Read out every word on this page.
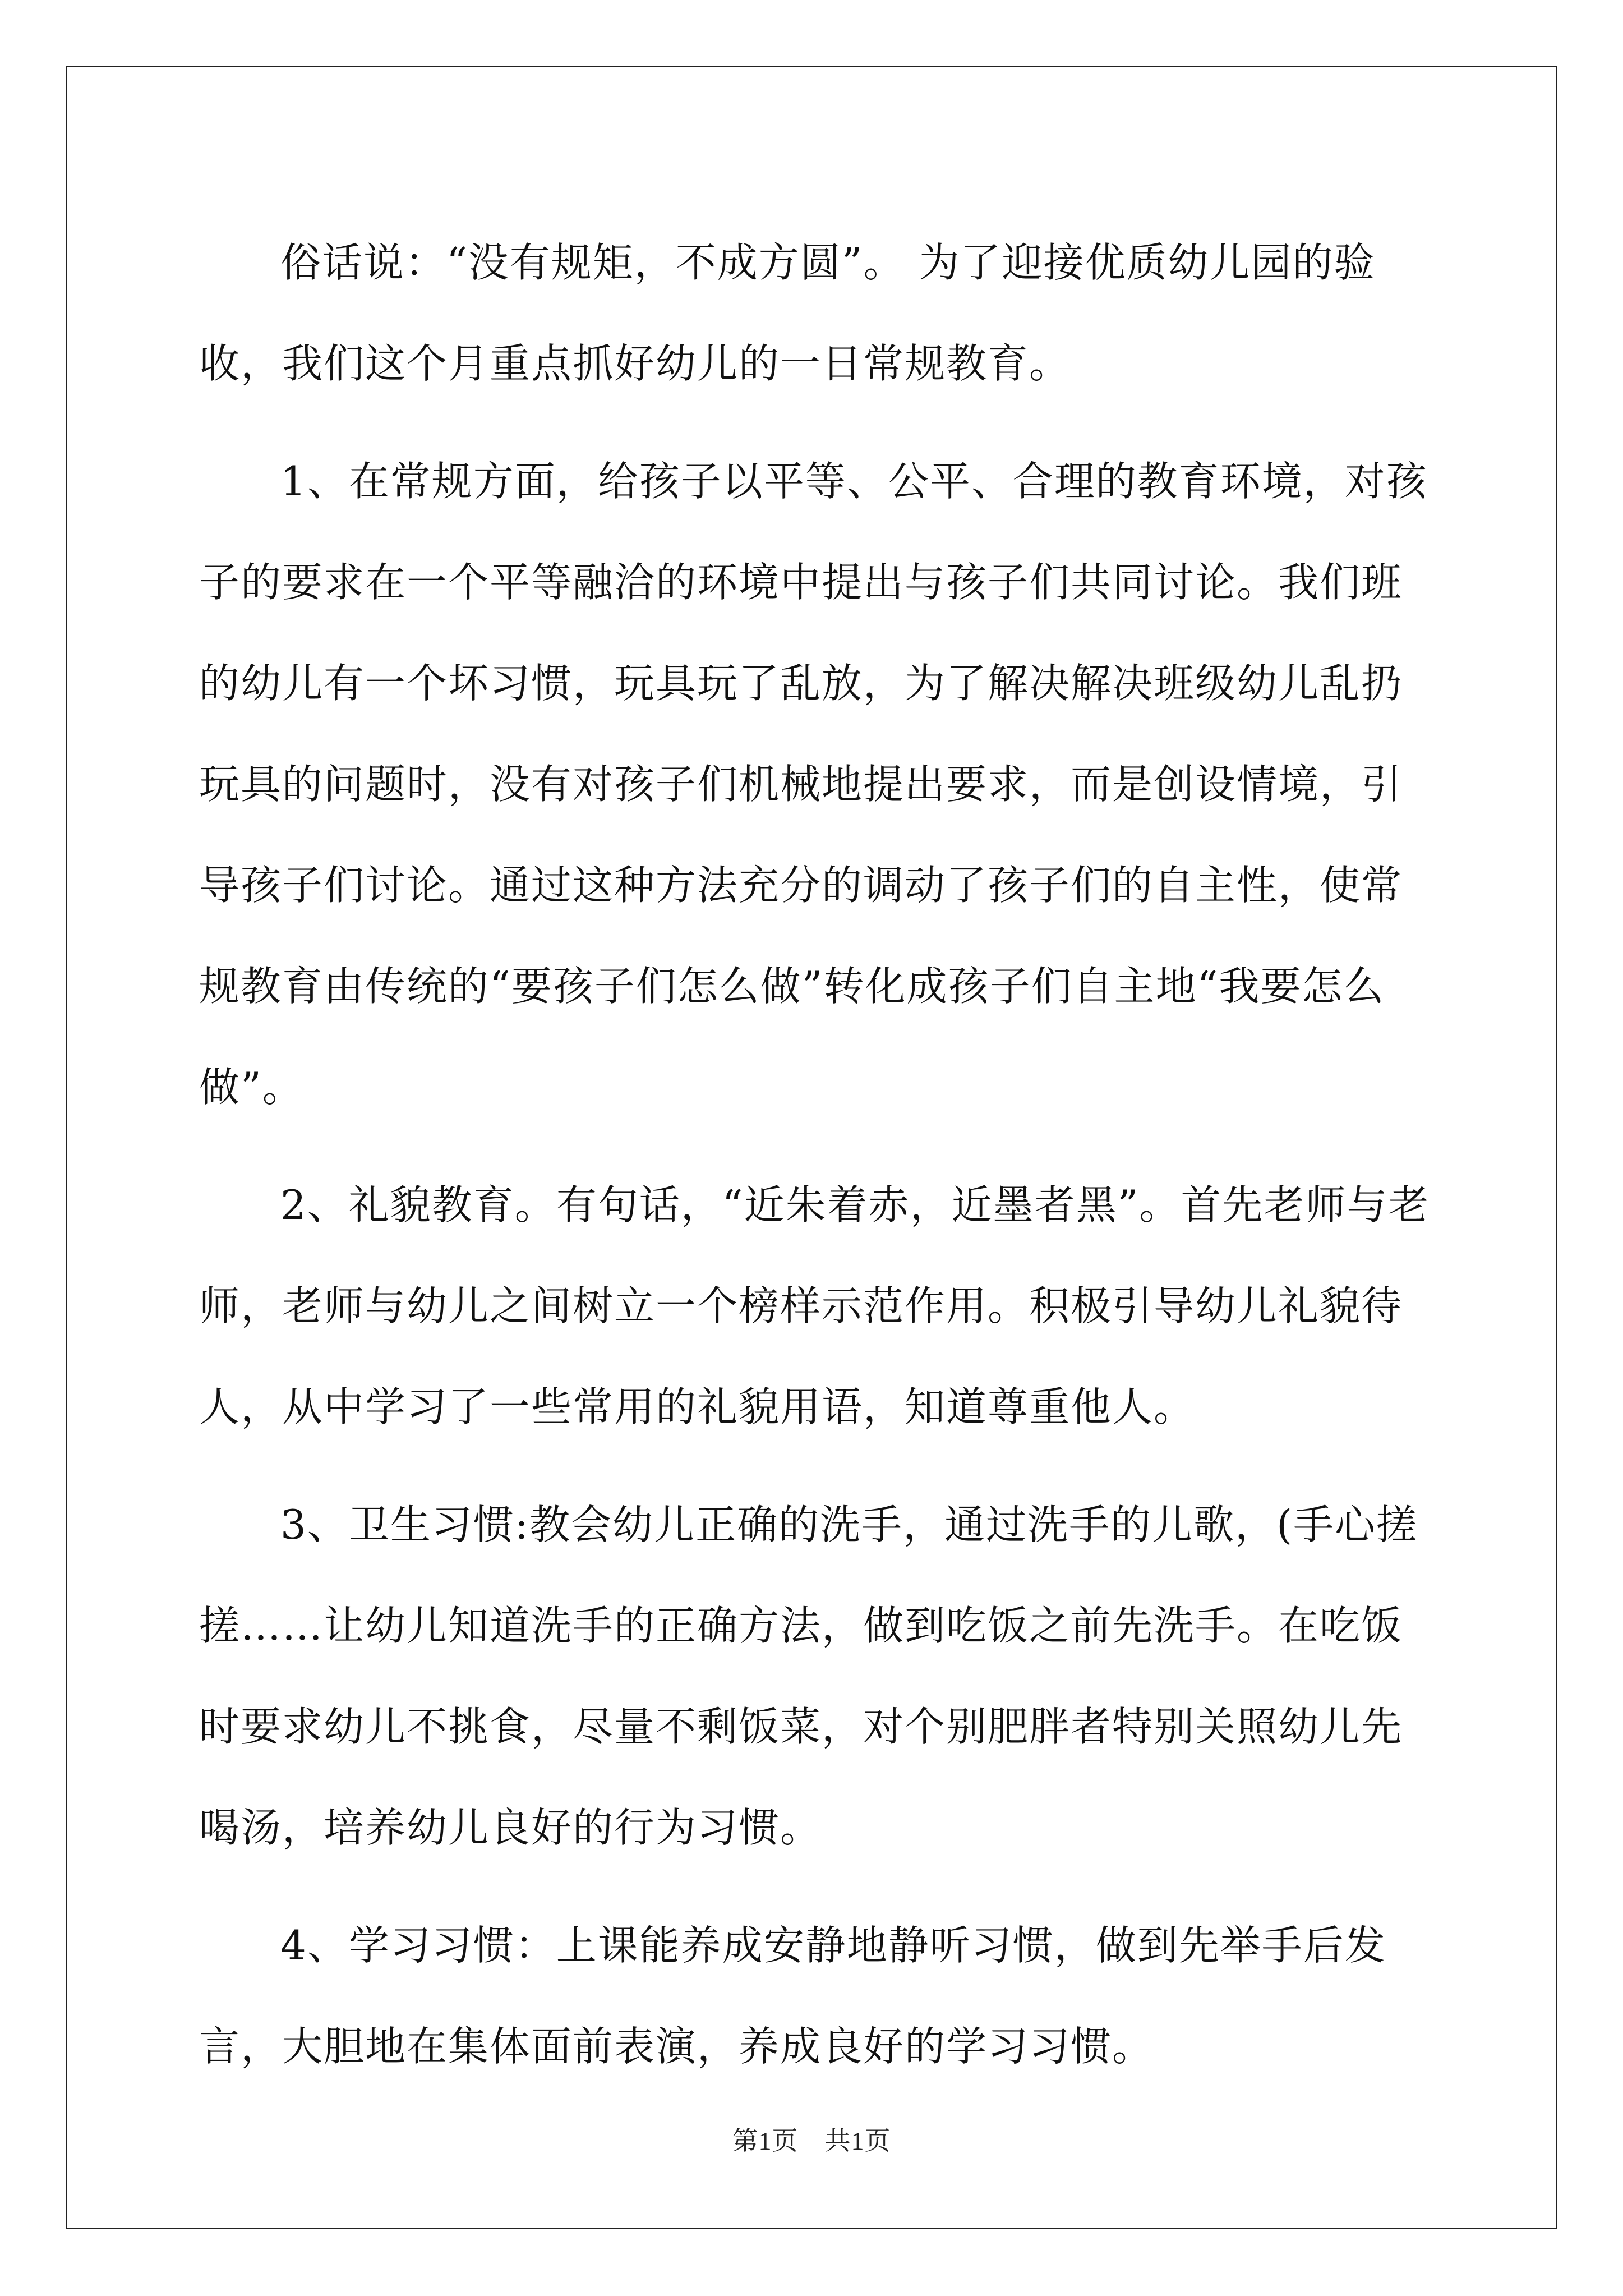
俗话说：“没有规矩，不成方圆”。 为了迎接优质幼儿园的验收，我们这个月重点抓好幼儿的一日常规教育。

1、在常规方面，给孩子以平等、公平、合理的教育环境，对孩子的要求在一个平等融洽的环境中提出与孩子们共同讨论。我们班的幼儿有一个坏习惯，玩具玩了乱放，为了解决解决班级幼儿乱扔玩具的问题时，没有对孩子们机械地提出要求，而是创设情境，引导孩子们讨论。通过这种方法充分的调动了孩子们的自主性，使常规教育由传统的“要孩子们怎么做”转化成孩子们自主地“我要怎么做”。

2、礼貌教育。有句话，“近朱着赤，近墨者黑”。首先老师与老师，老师与幼儿之间树立一个榜样示范作用。积极引导幼儿礼貌待人，从中学习了一些常用的礼貌用语，知道尊重他人。

3、卫生习惯:教会幼儿正确的洗手，通过洗手的儿歌，(手心搓搓……让幼儿知道洗手的正确方法，做到吃饭之前先洗手。在吃饭时要求幼儿不挑食，尽量不剩饭菜，对个别肥胖者特别关照幼儿先喝汤，培养幼儿良好的行为习惯。

4、学习习惯：上课能养成安静地静听习惯，做到先举手后发言，大胆地在集体面前表演，养成良好的学习习惯。

第1页　共1页
